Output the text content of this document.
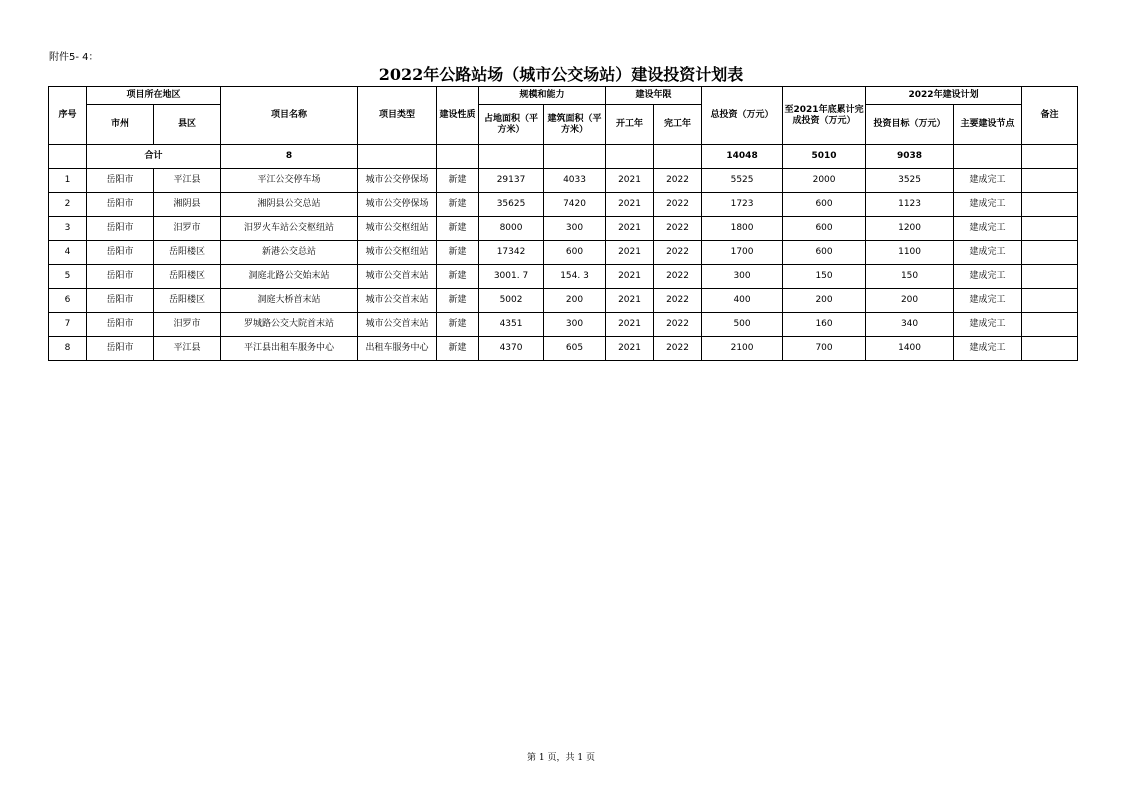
附件5- 4：
2022年公路站场（城市公交场站）建设投资计划表
序号	项目所在地区		项目名称	项目类型	建设性质	规模和能力		建设年限		总投资（万元）	至2021年底累计完成投资（万元）	2022年建设计划		备注
	市州	县区				占地面积（平方米）	建筑面积（平方米）	开工年	完工年			投资目标（万元）	主要建设节点	
	合计		8							14048	5010	9038		
1	岳阳市	平江县	平江公交停车场	城市公交停保场	新建	29137	4033	2021	2022	5525	2000	3525	建成完工	
2	岳阳市	湘阴县	湘阴县公交总站	城市公交停保场	新建	35625	7420	2021	2022	1723	600	1123	建成完工	
3	岳阳市	汨罗市	汨罗火车站公交枢纽站	城市公交枢纽站	新建	8000	300	2021	2022	1800	600	1200	建成完工	
4	岳阳市	岳阳楼区	新港公交总站	城市公交枢纽站	新建	17342	600	2021	2022	1700	600	1100	建成完工	
5	岳阳市	岳阳楼区	洞庭北路公交始末站	城市公交首末站	新建	3001. 7	154. 3	2021	2022	300	150	150	建成完工	
6	岳阳市	岳阳楼区	洞庭大桥首末站	城市公交首末站	新建	5002	200	2021	2022	400	200	200	建成完工	
7	岳阳市	汨罗市	罗城路公交大院首末站	城市公交首末站	新建	4351	300	2021	2022	500	160	340	建成完工	
8	岳阳市	平江县	平江县出租车服务中心	出租车服务中心	新建	4370	605	2021	2022	2100	700	1400	建成完工	
第 1 页，共 1 页
